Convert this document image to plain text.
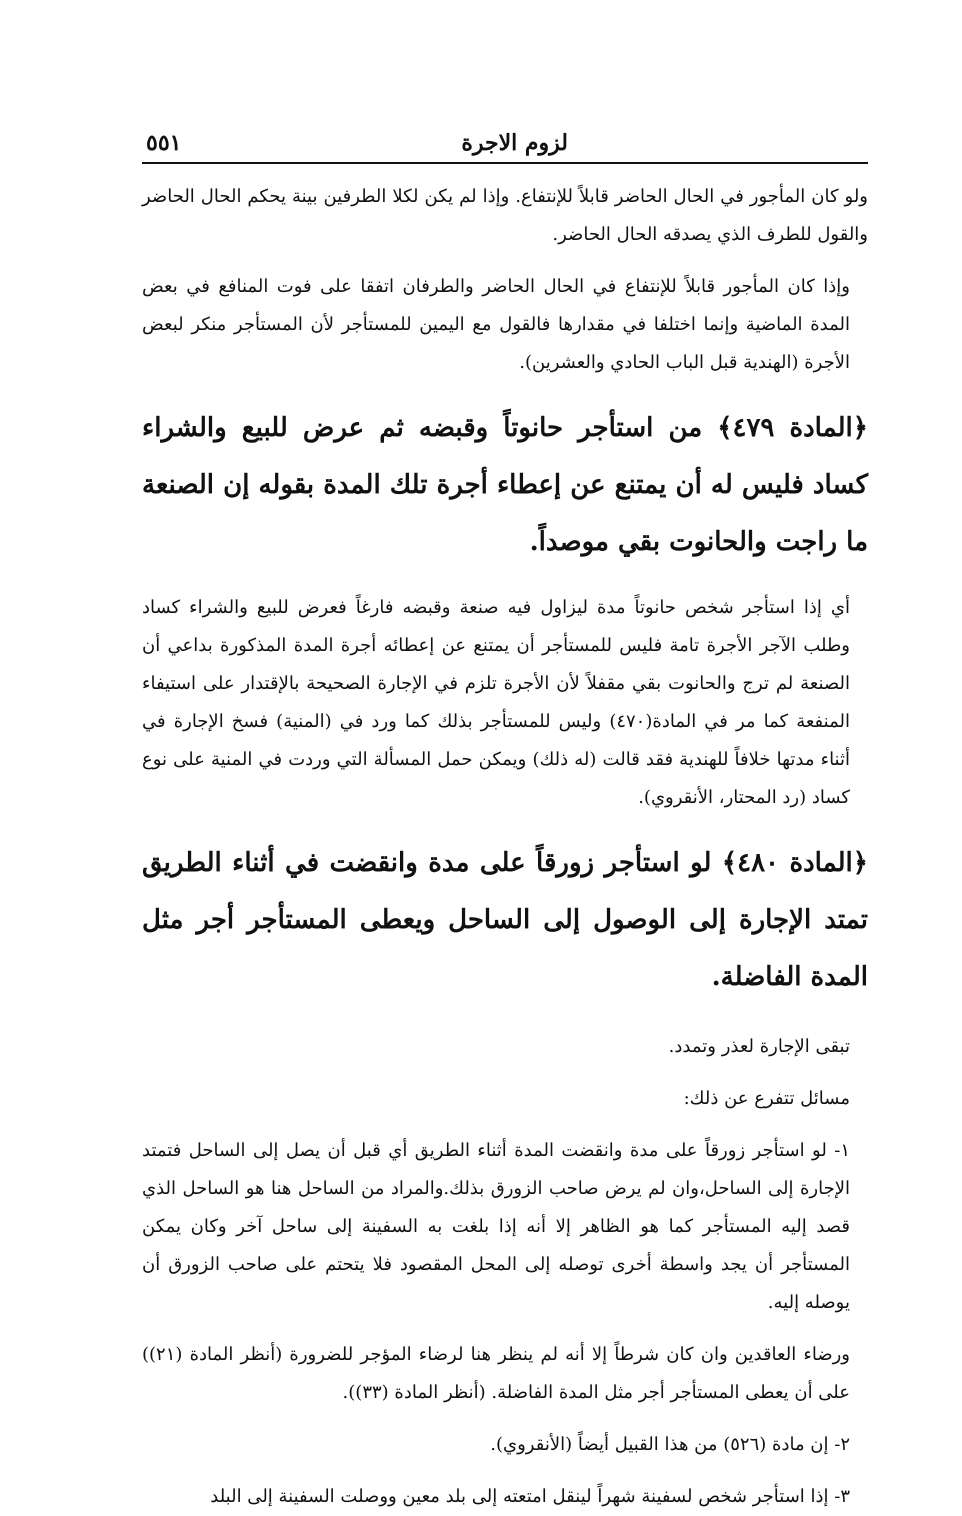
لزوم الاجرة
٥٥١

ولو كان المأجور في الحال الحاضر قابلاً للإنتفاع. وإذا لم يكن لكلا الطرفين بينة يحكم الحال الحاضر والقول للطرف الذي يصدقه الحال الحاضر.

وإذا كان المأجور قابلاً للإنتفاع في الحال الحاضر والطرفان اتفقا على فوت المنافع في بعض المدة الماضية وإنما اختلفا في مقدارها فالقول مع اليمين للمستأجر لأن المستأجر منكر لبعض الأجرة (الهندية قبل الباب الحادي والعشرين).

﴿المادة ٤٧٩﴾ من استأجر حانوتاً وقبضه ثم عرض للبيع والشراء كساد فليس له أن يمتنع عن إعطاء أجرة تلك المدة بقوله إن الصنعة ما راجت والحانوت بقي موصداً.

أي إذا استأجر شخص حانوتاً مدة ليزاول فيه صنعة وقبضه فارغاً فعرض للبيع والشراء كساد وطلب الآجر الأجرة تامة فليس للمستأجر أن يمتنع عن إعطائه أجرة المدة المذكورة بداعي أن الصنعة لم ترج والحانوت بقي مقفلاً لأن الأجرة تلزم في الإجارة الصحيحة بالإقتدار على استيفاء المنفعة كما مر في المادة(٤٧٠) وليس للمستأجر بذلك كما ورد في (المنية) فسخ الإجارة في أثناء مدتها خلافاً للهندية فقد قالت (له ذلك) ويمكن حمل المسألة التي وردت في المنية على نوع كساد (رد المحتار، الأنقروي).

﴿المادة ٤٨٠﴾ لو استأجر زورقاً على مدة وانقضت في أثناء الطريق تمتد الإجارة إلى الوصول إلى الساحل ويعطى المستأجر أجر مثل المدة الفاضلة.

تبقى الإجارة لعذر وتمدد.

مسائل تتفرع عن ذلك:

١- لو استأجر زورقاً على مدة وانقضت المدة أثناء الطريق أي قبل أن يصل إلى الساحل فتمتد الإجارة إلى الساحل،وان لم يرض صاحب الزورق بذلك.والمراد من الساحل هنا هو الساحل الذي قصد إليه المستأجر كما هو الظاهر إلا أنه إذا بلغت به السفينة إلى ساحل آخر وكان يمكن المستأجر أن يجد واسطة أخرى توصله إلى المحل المقصود فلا يتحتم على صاحب الزورق أن يوصله إليه.

ورضاء العاقدين وان كان شرطاً إلا أنه لم ينظر هنا لرضاء المؤجر للضرورة (أنظر المادة (٢١)) على أن يعطى المستأجر أجر مثل المدة الفاضلة. (أنظر المادة (٣٣)).

٢- إن مادة (٥٢٦) من هذا القبيل أيضاً (الأنقروي).

٣- إذا استأجر شخص لسفينة شهراً لينقل امتعته إلى بلد معين ووصلت السفينة إلى البلد
